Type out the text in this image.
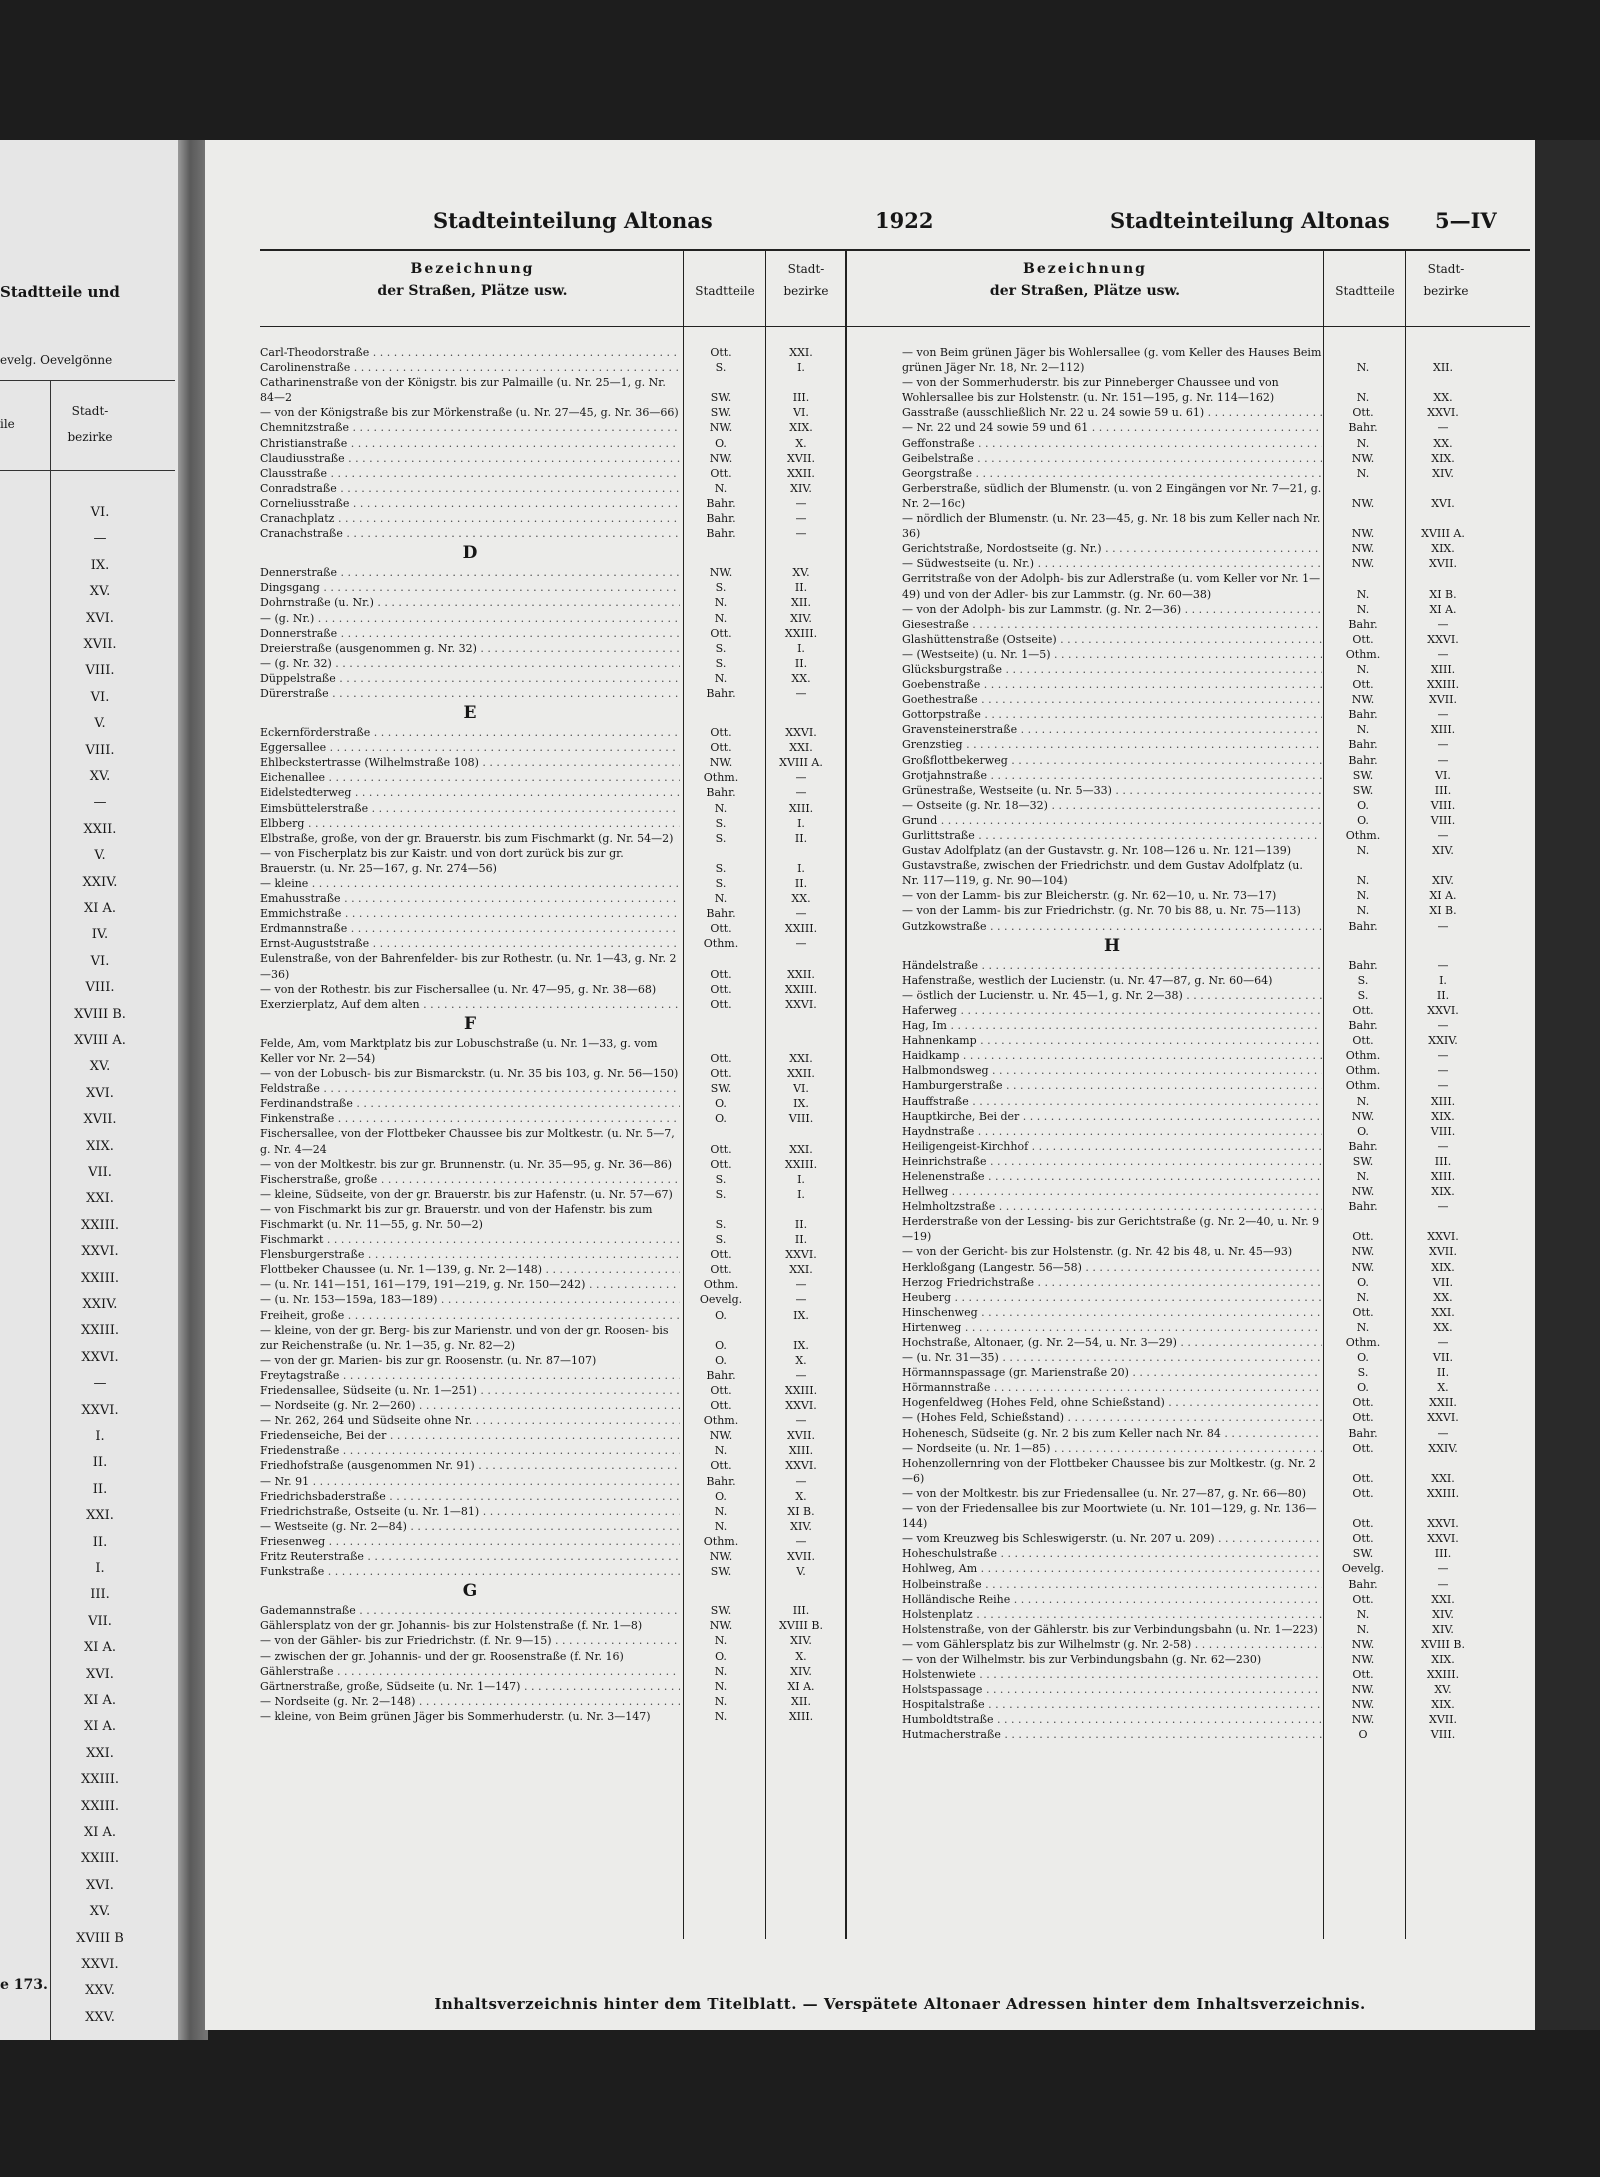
Stadtteile und
evelg. Oevelgönne
ile
Stadt-
bezirke
VI.
—
IX.
XV.
XVI.
XVII.
VIII.
VI.
V.
VIII.
XV.
—
XXII.
V.
XXIV.
XI A.
IV.
VI.
VIII.
XVIII B.
XVIII A.
XV.
XVI.
XVII.
XIX.
VII.
XXI.
XXIII.
XXVI.
XXIII.
XXIV.
XXIII.
XXVI.
—
XXVI.
I.
II.
II.
XXI.
II.
I.
III.
VII.
XI A.
XVI.
XI A.
XI A.
XXI.
XXIII.
XXIII.
XI A.
XXIII.
XVI.
XV.
XVIII B
XXVI.
XXV.
XXV.
e 173.
Stadteinteilung Altonas	1922	Stadteinteilung Altonas 5—IV
Bezeichnung
der Straßen, Plätze usw.	Stadtteile
Stadt-
bezirke
Bezeichnung
der Straßen, Plätze usw.	Stadtteile
Stadt-
bezirke
Carl-Theodorstraße . . .	Ott.	XXI.
Carolinenstraße . . .	S.	I.
Catharinenstraße von der Königstr. bis zur Palmaille (u. Nr. 25—1, g. Nr. 84—2	SW.	III.
— von der Königstraße bis zur Mörkenstraße (u. Nr. 27—45, g. Nr. 36—66)	SW.	VI.
Chemnitzstraße . . .	NW.	XIX.
Christianstraße . . .	O.	X.
Claudiusstraße . . .	NW.	XVII.
Clausstraße . . .	Ott.	XXII.
Conradstraße . . .	N.	XIV.
Corneliusstraße . . .	Bahr.	—
Cranachplatz . . .	Bahr.	—
Cranachstraße . . .	Bahr.	—
D
Dennerstraße . . .	NW.	XV.
Dingsgang . . .	S.	II.
Dohrnstraße (u. Nr.) . . .	N.	XII.
— (g. Nr.) . . .	N.	XIV.
Donnerstraße . . .	Ott.	XXIII.
Dreierstraße (ausgenommen g. Nr. 32) . . .	S.	I.
— (g. Nr. 32) . . .	S.	II.
Düppelstraße . . .	N.	XX.
Dürerstraße . . .	Bahr.	—
E
Eckernförderstraße . . .	Ott.	XXVI.
Eggersallee . . .	Ott.	XXI.
Ehlbeckstertrasse (Wilhelmstraße 108) . . .	NW.	XVIII A.
Eichenallee . . .	Othm.	—
Eidelstedterweg . . .	Bahr.	—
Eimsbüttelerstraße . . .	N.	XIII.
Elbberg . . .	S.	I.
Elbstraße, große, von der gr. Brauerstr. bis zum Fischmarkt (g. Nr. 54—2)	S.	II.
— von Fischerplatz bis zur Kaistr. und von dort zurück bis zur gr. Brauerstr. (u. Nr. 25—167, g. Nr. 274—56)	S.	I.
— kleine . . .	S.	II.
Emahusstraße . . .	N.	XX.
Emmichstraße . . .	Bahr.	—
Erdmannstraße . . .	Ott.	XXIII.
Ernst-Auguststraße . . .	Othm.	—
Eulenstraße, von der Bahrenfelder- bis zur Rothestr. (u. Nr. 1—43, g. Nr. 2—36)	Ott.	XXII.
— von der Rothestr. bis zur Fischersallee (u. Nr. 47—95, g. Nr. 38—68)	Ott.	XXIII.
Exerzierplatz, Auf dem alten . . .	Ott.	XXVI.
F
Felde, Am, vom Marktplatz bis zur Lobuschstraße (u. Nr. 1—33, g. vom Keller vor Nr. 2—54)	Ott.	XXI.
— von der Lobusch- bis zur Bismarckstr. (u. Nr. 35 bis 103, g. Nr. 56—150)	Ott.	XXII.
Feldstraße . . .	SW.	VI.
Ferdinandstraße . . .	O.	IX.
Finkenstraße . . .	O.	VIII.
Fischersallee, von der Flottbeker Chaussee bis zur Moltkestr. (u. Nr. 5—7, g. Nr. 4—24	Ott.	XXI.
— von der Moltkestr. bis zur gr. Brunnenstr. (u. Nr. 35—95, g. Nr. 36—86)	Ott.	XXIII.
Fischerstraße, große . . .	S.	I.
— kleine, Südseite, von der gr. Brauerstr. bis zur Hafenstr. (u. Nr. 57—67)	S.	I.
— von Fischmarkt bis zur gr. Brauerstr. und von der Hafenstr. bis zum Fischmarkt (u. Nr. 11—55, g. Nr. 50—2)	S.	II.
Fischmarkt . . .	S.	II.
Flensburgerstraße . . .	Ott.	XXVI.
Flottbeker Chaussee (u. Nr. 1—139, g. Nr. 2—148) . . .	Ott.	XXI.
— (u. Nr. 141—151, 161—179, 191—219, g. Nr. 150—242) . . .	Othm.	—
— (u. Nr. 153—159a, 183—189) . . .	Oevelg.	—
Freiheit, große . . .	O.	IX.
— kleine, von der gr. Berg- bis zur Marienstr. und von der gr. Roosen- bis zur Reichenstraße (u. Nr. 1—35, g. Nr. 82—2)	O.	IX.
— von der gr. Marien- bis zur gr. Roosenstr. (u. Nr. 87—107)	O.	X.
Freytagstraße . . .	Bahr.	—
Friedensallee, Südseite (u. Nr. 1—251) . . .	Ott.	XXIII.
— Nordseite (g. Nr. 2—260) . . .	Ott.	XXVI.
— Nr. 262, 264 und Südseite ohne Nr. . . .	Othm.	—
Friedenseiche, Bei der . . .	NW.	XVII.
Friedenstraße . . .	N.	XIII.
Friedhofstraße (ausgenommen Nr. 91) . . .	Ott.	XXVI.
— Nr. 91 . . .	Bahr.	—
Friedrichsbaderstraße . . .	O.	X.
Friedrichstraße, Ostseite (u. Nr. 1—81) . . .	N.	XI B.
— Westseite (g. Nr. 2—84) . . .	N.	XIV.
Friesenweg . . .	Othm.	—
Fritz Reuterstraße . . .	NW.	XVII.
Funkstraße . . .	SW.	V.
G
Gademannstraße . . .	SW.	III.
Gählersplatz von der gr. Johannis- bis zur Holstenstraße (f. Nr. 1—8)	NW.	XVIII B.
— von der Gähler- bis zur Friedrichstr. (f. Nr. 9—15) . . .	N.	XIV.
— zwischen der gr. Johannis- und der gr. Roosenstraße (f. Nr. 16)	O.	X.
Gählerstraße . . .	N.	XIV.
Gärtnerstraße, große, Südseite (u. Nr. 1—147) . . .	N.	XI A.
— Nordseite (g. Nr. 2—148) . . .	N.	XII.
— kleine, von Beim grünen Jäger bis Sommerhuderstr. (u. Nr. 3—147)	N.	XIII.
— von Beim grünen Jäger bis Wohlersallee (g. vom Keller des Hauses Beim grünen Jäger Nr. 18, Nr. 2—112)	N.	XII.
— von der Sommerhuderstr. bis zur Pinneberger Chaussee und von Wohlersallee bis zur Holstenstr. (u. Nr. 151—195, g. Nr. 114—162)	N.	XX.
Gasstraße (ausschließlich Nr. 22 u. 24 sowie 59 u. 61) . . .	Ott.	XXVI.
— Nr. 22 und 24 sowie 59 und 61 . . .	Bahr.	—
Geffonstraße . . .	N.	XX.
Geibelstraße . . .	NW.	XIX.
Georgstraße . . .	N.	XIV.
Gerberstraße, südlich der Blumenstr. (u. von 2 Eingängen vor Nr. 7—21, g. Nr. 2—16c)	NW.	XVI.
— nördlich der Blumenstr. (u. Nr. 23—45, g. Nr. 18 bis zum Keller nach Nr. 36)	NW.	XVIII A.
Gerichtstraße, Nordostseite (g. Nr.) . . .	NW.	XIX.
— Südwestseite (u. Nr.) . . .	NW.	XVII.
Gerritstraße von der Adolph- bis zur Adlerstraße (u. vom Keller vor Nr. 1—49) und von der Adler- bis zur Lammstr. (g. Nr. 60—38)	N.	XI B.
— von der Adolph- bis zur Lammstr. (g. Nr. 2—36) . . .	N.	XI A.
Giesestraße . . .	Bahr.	—
Glashüttenstraße (Ostseite) . . .	Ott.	XXVI.
— (Westseite) (u. Nr. 1—5) . . .	Othm.	—
Glücksburgstraße . . .	N.	XIII.
Goebenstraße . . .	Ott.	XXIII.
Goethestraße . . .	NW.	XVII.
Gottorpstraße . . .	Bahr.	—
Gravensteinerstraße . . .	N.	XIII.
Grenzstieg . . .	Bahr.	—
Großflottbekerweg . . .	Bahr.	—
Grotjahnstraße . . .	SW.	VI.
Grünestraße, Westseite (u. Nr. 5—33) . . .	SW.	III.
— Ostseite (g. Nr. 18—32) . . .	O.	VIII.
Grund . . .	O.	VIII.
Gurlittstraße . . .	Othm.	—
Gustav Adolfplatz (an der Gustavstr. g. Nr. 108—126 u. Nr. 121—139)	N.	XIV.
Gustavstraße, zwischen der Friedrichstr. und dem Gustav Adolfplatz (u. Nr. 117—119, g. Nr. 90—104)	N.	XIV.
— von der Lamm- bis zur Bleicherstr. (g. Nr. 62—10, u. Nr. 73—17)	N.	XI A.
— von der Lamm- bis zur Friedrichstr. (g. Nr. 70 bis 88, u. Nr. 75—113)	N.	XI B.
Gutzkowstraße . . .	Bahr.	—
H
Händelstraße . . .	Bahr.	—
Hafenstraße, westlich der Lucienstr. (u. Nr. 47—87, g. Nr. 60—64)	S.	I.
— östlich der Lucienstr. u. Nr. 45—1, g. Nr. 2—38) . . .	S.	II.
Haferweg . . .	Ott.	XXVI.
Hag, Im . . .	Bahr.	—
Hahnenkamp . . .	Ott.	XXIV.
Haidkamp . . .	Othm.	—
Halbmondsweg . . .	Othm.	—
Hamburgerstraße . . .	Othm.	—
Hauffstraße . . .	N.	XIII.
Hauptkirche, Bei der . . .	NW.	XIX.
Haydnstraße . . .	O.	VIII.
Heiligengeist-Kirchhof . . .	Bahr.	—
Heinrichstraße . . .	SW.	III.
Helenenstraße . . .	N.	XIII.
Hellweg . . .	NW.	XIX.
Helmholtzstraße . . .	Bahr.	—
Herderstraße von der Lessing- bis zur Gerichtstraße (g. Nr. 2—40, u. Nr. 9—19)	Ott.	XXVI.
— von der Gericht- bis zur Holstenstr. (g. Nr. 42 bis 48, u. Nr. 45—93)	NW.	XVII.
Herkloßgang (Langestr. 56—58) . . .	NW.	XIX.
Herzog Friedrichstraße . . .	O.	VII.
Heuberg . . .	N.	XX.
Hinschenweg . . .	Ott.	XXI.
Hirtenweg . . .	N.	XX.
Hochstraße, Altonaer, (g. Nr. 2—54, u. Nr. 3—29) . . .	Othm.	—
— (u. Nr. 31—35) . . .	O.	VII.
Hörmannspassage (gr. Marienstraße 20) . . .	S.	II.
Hörmannstraße . . .	O.	X.
Hogenfeldweg (Hohes Feld, ohne Schießstand) . . .	Ott.	XXII.
— (Hohes Feld, Schießstand) . . .	Ott.	XXVI.
Hohenesch, Südseite (g. Nr. 2 bis zum Keller nach Nr. 84 . . .	Bahr.	—
— Nordseite (u. Nr. 1—85) . . .	Ott.	XXIV.
Hohenzollernring von der Flottbeker Chaussee bis zur Moltkestr. (g. Nr. 2—6)	Ott.	XXI.
— von der Moltkestr. bis zur Friedensallee (u. Nr. 27—87, g. Nr. 66—80)	Ott.	XXIII.
— von der Friedensallee bis zur Moortwiete (u. Nr. 101—129, g. Nr. 136—144)	Ott.	XXVI.
— vom Kreuzweg bis Schleswigerstr. (u. Nr. 207 u. 209) . . .	Ott.	XXVI.
Hoheschulstraße . . .	SW.	III.
Hohlweg, Am . . .	Oevelg.	—
Holbeinstraße . . .	Bahr.	—
Holländische Reihe . . .	Ott.	XXI.
Holstenplatz . . .	N.	XIV.
Holstenstraße, von der Gählerstr. bis zur Verbindungsbahn (u. Nr. 1—223)	N.	XIV.
— vom Gählersplatz bis zur Wilhelmstr (g. Nr. 2-58) . . .	NW.	XVIII B.
— von der Wilhelmstr. bis zur Verbindungsbahn (g. Nr. 62—230)	NW.	XIX.
Holstenwiete . . .	Ott.	XXIII.
Holstspassage . . .	NW.	XV.
Hospitalstraße . . .	NW.	XIX.
Humboldtstraße . . .	NW.	XVII.
Hutmacherstraße . . .	O	VIII.
Inhaltsverzeichnis hinter dem Titelblatt. — Verspätete Altonaer Adressen hinter dem Inhaltsverzeichnis.
